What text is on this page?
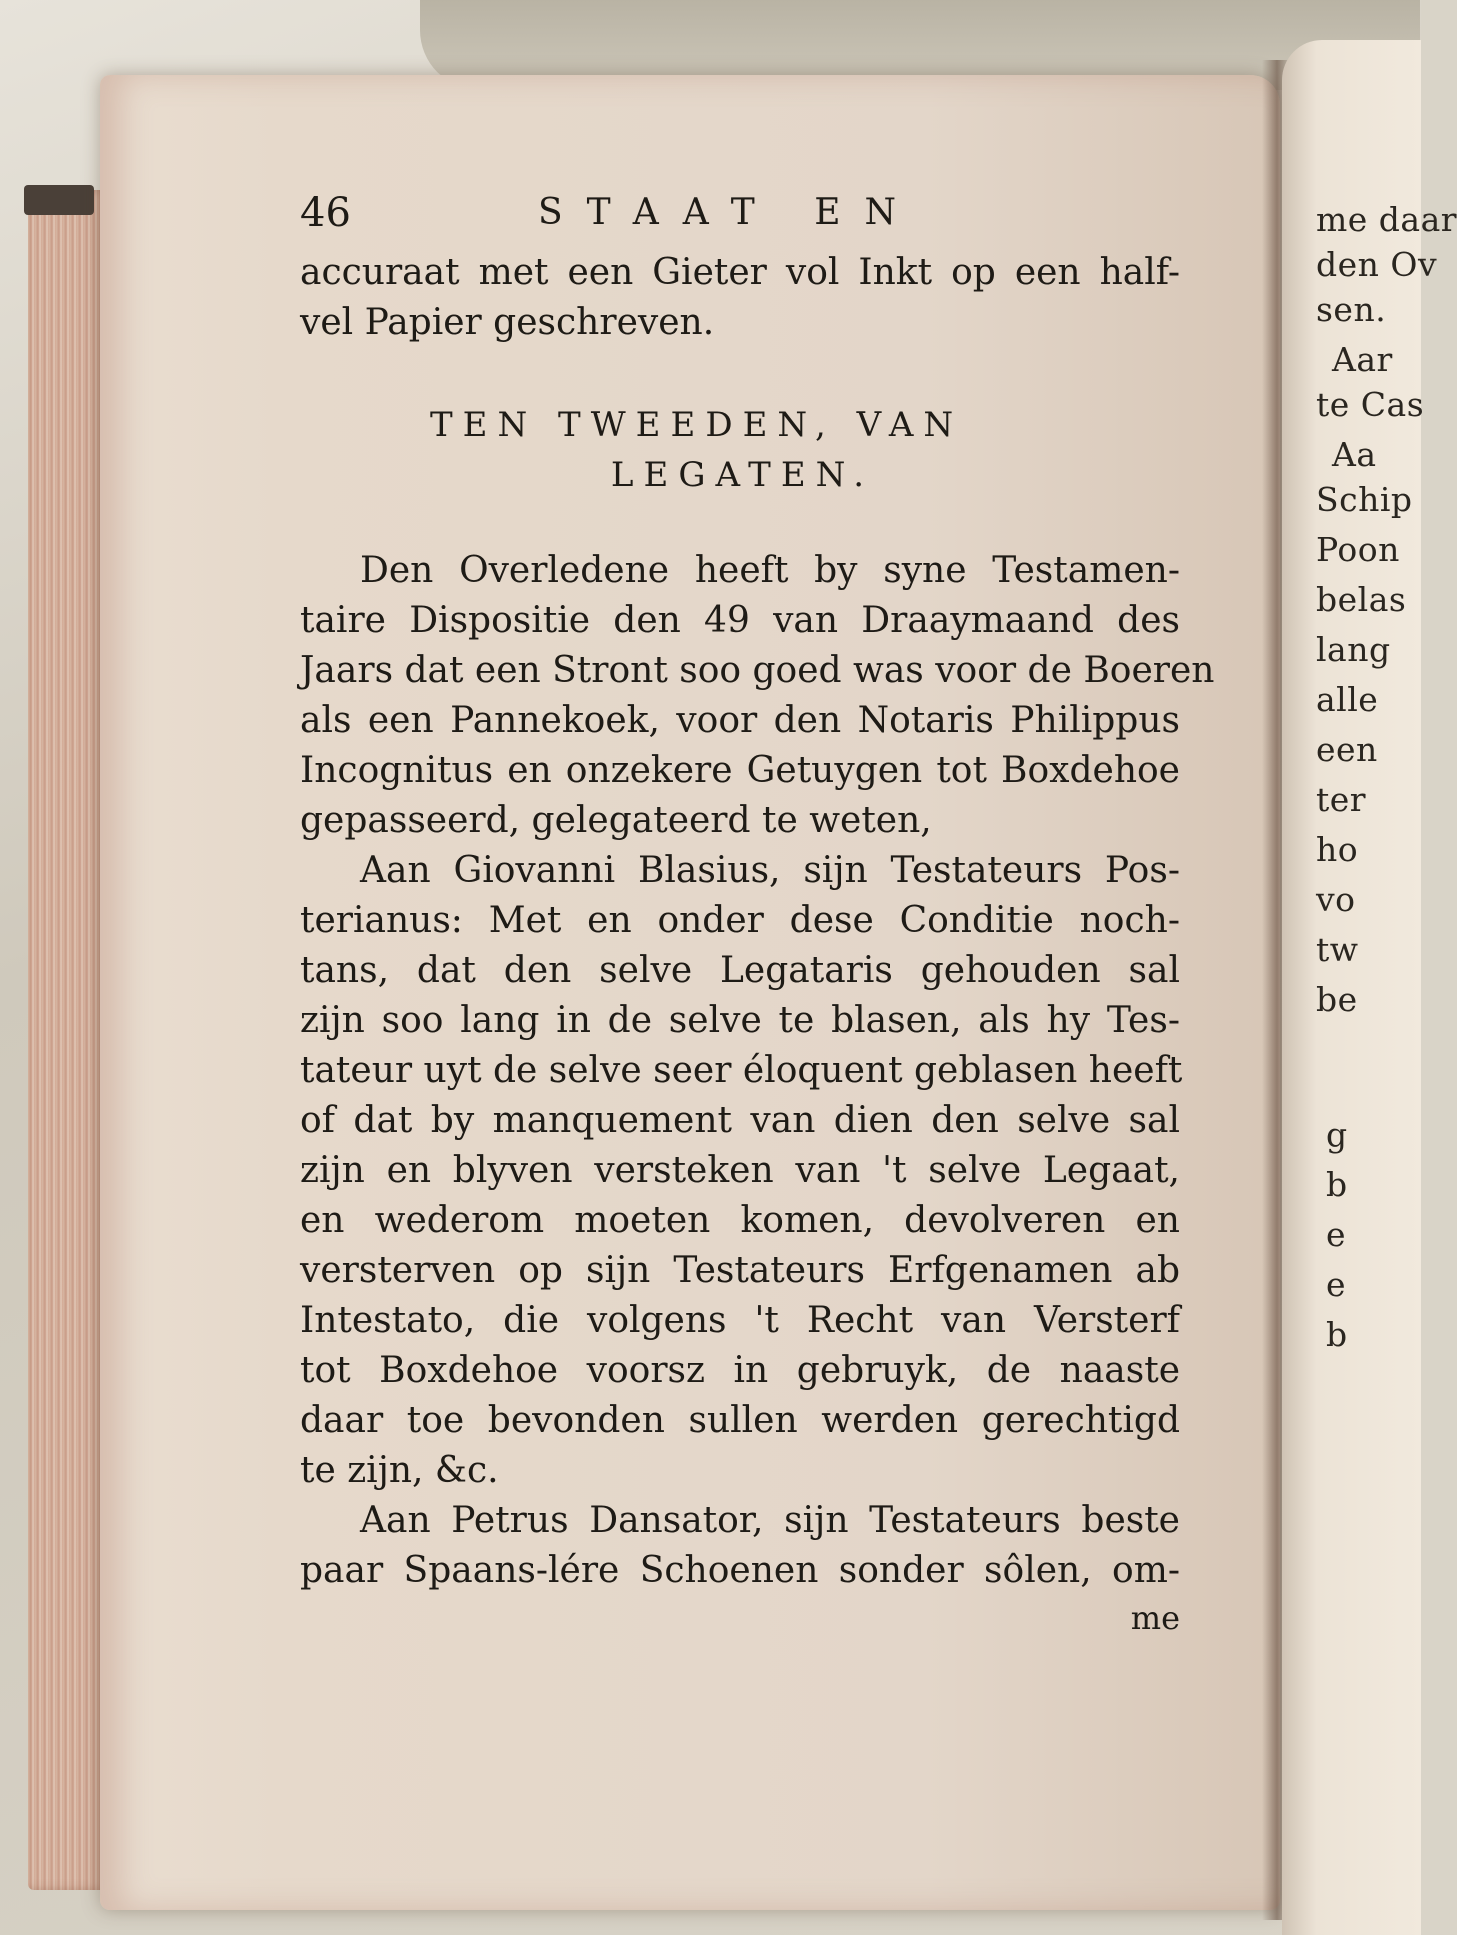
me daar
den Ov
sen.
Aar
te Cas
Aa
Schip
Poon
belas
lang
alle
een
ter
ho
vo
tw
be
g
b
e
e
b
46	STAAT EN
accuraat met een Gieter vol Inkt op een half-
vel Papier geschreven.
TEN TWEEDEN, VAN
LEGATEN.
Den Overledene heeft by syne Testamen-
taire Dispositie den 49 van Draaymaand des
Jaars dat een Stront soo goed was voor de Boeren
als een Pannekoek, voor den Notaris Philippus
Incognitus en onzekere Getuygen tot Boxdehoe
gepasseerd, gelegateerd te weten,
Aan Giovanni Blasius, sijn Testateurs Pos-
terianus: Met en onder dese Conditie noch-
tans, dat den selve Legataris gehouden sal
zijn soo lang in de selve te blasen, als hy Tes-
tateur uyt de selve seer éloquent geblasen heeft
of dat by manquement van dien den selve sal
zijn en blyven versteken van 't selve Legaat,
en wederom moeten komen, devolveren en
versterven op sijn Testateurs Erfgenamen ab
Intestato, die volgens 't Recht van Versterf
tot Boxdehoe voorsz in gebruyk, de naaste
daar toe bevonden sullen werden gerechtigd
te zijn, &c.
Aan Petrus Dansator, sijn Testateurs beste
paar Spaans-lére Schoenen sonder sôlen, om-
me
